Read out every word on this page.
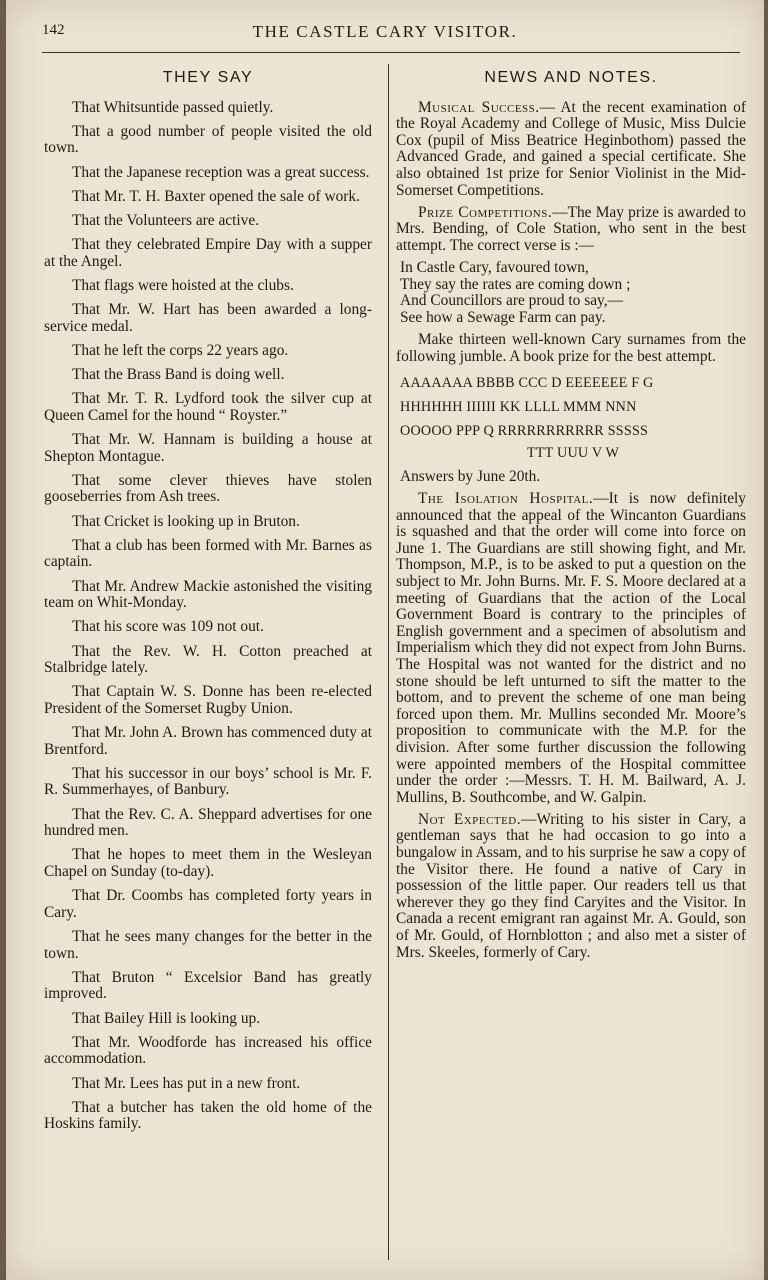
142	THE CASTLE CARY VISITOR.
THEY SAY

That Whitsuntide passed quietly.

That a good number of people visited the old town.

That the Japanese reception was a great success.

That Mr. T. H. Baxter opened the sale of work.

That the Volunteers are active.

That they celebrated Empire Day with a supper at the Angel.

That flags were hoisted at the clubs.

That Mr. W. Hart has been awarded a long-service medal.

That he left the corps 22 years ago.

That the Brass Band is doing well.

That Mr. T. R. Lydford took the silver cup at Queen Camel for the hound “ Royster.”

That Mr. W. Hannam is building a house at Shepton Montague.

That some clever thieves have stolen gooseberries from Ash trees.

That Cricket is looking up in Bruton.

That a club has been formed with Mr. Barnes as captain.

That Mr. Andrew Mackie astonished the visiting team on Whit-Monday.

That his score was 109 not out.

That the Rev. W. H. Cotton preached at Stalbridge lately.

That Captain W. S. Donne has been re-elected President of the Somerset Rugby Union.

That Mr. John A. Brown has commenced duty at Brentford.

That his successor in our boys’ school is Mr. F. R. Summerhayes, of Banbury.

That the Rev. C. A. Sheppard advertises for one hundred men.

That he hopes to meet them in the Wesleyan Chapel on Sunday (to-day).

That Dr. Coombs has completed forty years in Cary.

That he sees many changes for the better in the town.

That Bruton “ Excelsior Band has greatly improved.

That Bailey Hill is looking up.

That Mr. Woodforde has increased his office accommodation.

That Mr. Lees has put in a new front.

That a butcher has taken the old home of the Hoskins family.

NEWS AND NOTES.

Musical Success.— At the recent examination of the Royal Academy and College of Music, Miss Dulcie Cox (pupil of Miss Beatrice Heginbothom) passed the Advanced Grade, and gained a special certificate. She also obtained 1st prize for Senior Violinist in the Mid-Somerset Competitions.

Prize Competitions.—The May prize is awarded to Mrs. Bending, of Cole Station, who sent in the best attempt. The correct verse is :—

In Castle Cary, favoured town,
They say the rates are coming down ;
And Councillors are proud to say,—
See how a Sewage Farm can pay.

Make thirteen well-known Cary surnames from the following jumble. A book prize for the best attempt.

AAAAAAA BBBB CCC D EEEEEEE F G
HHHHHH IIIIII KK LLLL MMM NNN
OOOOO PPP Q RRRRRRRRRRR SSSSS
TTT UUU V W

Answers by June 20th.

The Isolation Hospital.—It is now definitely announced that the appeal of the Wincanton Guardians is squashed and that the order will come into force on June 1. The Guardians are still showing fight, and Mr. Thompson, M.P., is to be asked to put a question on the subject to Mr. John Burns. Mr. F. S. Moore declared at a meeting of Guardians that the action of the Local Government Board is contrary to the principles of English government and a specimen of absolutism and Imperialism which they did not expect from John Burns. The Hospital was not wanted for the district and no stone should be left unturned to sift the matter to the bottom, and to prevent the scheme of one man being forced upon them. Mr. Mullins seconded Mr. Moore’s proposition to communicate with the M.P. for the division. After some further discussion the following were appointed members of the Hospital committee under the order :—Messrs. T. H. M. Bailward, A. J. Mullins, B. Southcombe, and W. Galpin.

Not Expected.—Writing to his sister in Cary, a gentleman says that he had occasion to go into a bungalow in Assam, and to his surprise he saw a copy of the Visitor there. He found a native of Cary in possession of the little paper. Our readers tell us that wherever they go they find Caryites and the Visitor. In Canada a recent emigrant ran against Mr. A. Gould, son of Mr. Gould, of Hornblotton ; and also met a sister of Mrs. Skeeles, formerly of Cary.
